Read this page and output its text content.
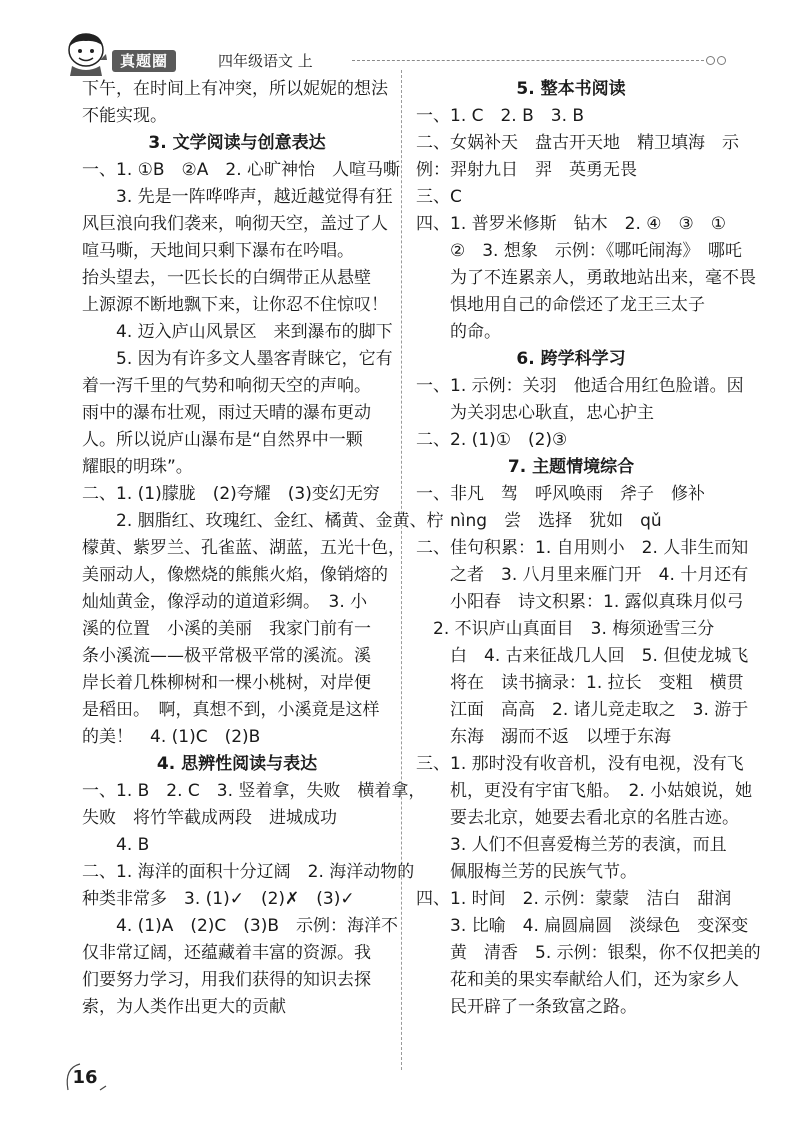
真题圈	四年级语文 上
下午，在时间上有冲突，所以妮妮的想法
不能实现。
3. 文学阅读与创意表达
一、1. ①B　②A　2. 心旷神怡　人喧马嘶
3. 先是一阵哗哗声，越近越觉得有狂
风巨浪向我们袭来，响彻天空，盖过了人
喧马嘶，天地间只剩下瀑布在吟唱。
抬头望去，一匹长长的白绸带正从悬壁
上源源不断地飘下来，让你忍不住惊叹！
4. 迈入庐山风景区　来到瀑布的脚下
5. 因为有许多文人墨客青睐它，它有
着一泻千里的气势和响彻天空的声响。
雨中的瀑布壮观，雨过天晴的瀑布更动
人。所以说庐山瀑布是“自然界中一颗
耀眼的明珠”。
二、1. (1)朦胧　(2)夸耀　(3)变幻无穷
2. 胭脂红、玫瑰红、金红、橘黄、金黄、柠
檬黄、紫罗兰、孔雀蓝、湖蓝，五光十色，
美丽动人，像燃烧的熊熊火焰，像销熔的
灿灿黄金，像浮动的道道彩绸。　3. 小
溪的位置　小溪的美丽　我家门前有一
条小溪流——极平常极平常的溪流。溪
岸长着几株柳树和一棵小桃树，对岸便
是稻田。　啊，真想不到，小溪竟是这样
的美！　4. (1)C　(2)B
4. 思辨性阅读与表达
一、1. B　2. C　3. 竖着拿，失败　横着拿，
失败　将竹竿截成两段　进城成功
4. B
二、1. 海洋的面积十分辽阔　2. 海洋动物的
种类非常多　3. (1)✓　(2)✗　(3)✓
4. (1)A　(2)C　(3)B　示例：海洋不
仅非常辽阔，还蕴藏着丰富的资源。我
们要努力学习，用我们获得的知识去探
索，为人类作出更大的贡献
5. 整本书阅读
一、1. C　2. B　3. B
二、女娲补天　盘古开天地　精卫填海　示
例：羿射九日　羿　英勇无畏
三、C
四、1. 普罗米修斯　钻木　2. ④　③　①
②　3. 想象　示例：《哪吒闹海》　哪吒
为了不连累亲人，勇敢地站出来，毫不畏
惧地用自己的命偿还了龙王三太子
的命。
6. 跨学科学习
一、1. 示例：关羽　他适合用红色脸谱。因
为关羽忠心耿直，忠心护主
二、2. (1)①　(2)③
7. 主题情境综合
一、非凡　驾　呼风唤雨　斧子　修补
nìng　尝　选择　犹如　qǔ
二、佳句积累：1. 自用则小　2. 人非生而知
之者　3. 八月里来雁门开　4. 十月还有
小阳春　诗文积累：1. 露似真珠月似弓
2. 不识庐山真面目　3. 梅须逊雪三分
白　4. 古来征战几人回　5. 但使龙城飞
将在　读书摘录：1. 拉长　变粗　横贯
江面　高高　2. 诸儿竞走取之　3. 游于
东海　溺而不返　以堙于东海
三、1. 那时没有收音机，没有电视，没有飞
机，更没有宇宙飞船。　2. 小姑娘说，她
要去北京，她要去看北京的名胜古迹。
3. 人们不但喜爱梅兰芳的表演，而且
佩服梅兰芳的民族气节。
四、1. 时间　2. 示例：蒙蒙　洁白　甜润
3. 比喻　4. 扁圆扁圆　淡绿色　变深变
黄　清香　5. 示例：银梨，你不仅把美的
花和美的果实奉献给人们，还为家乡人
民开辟了一条致富之路。
16
